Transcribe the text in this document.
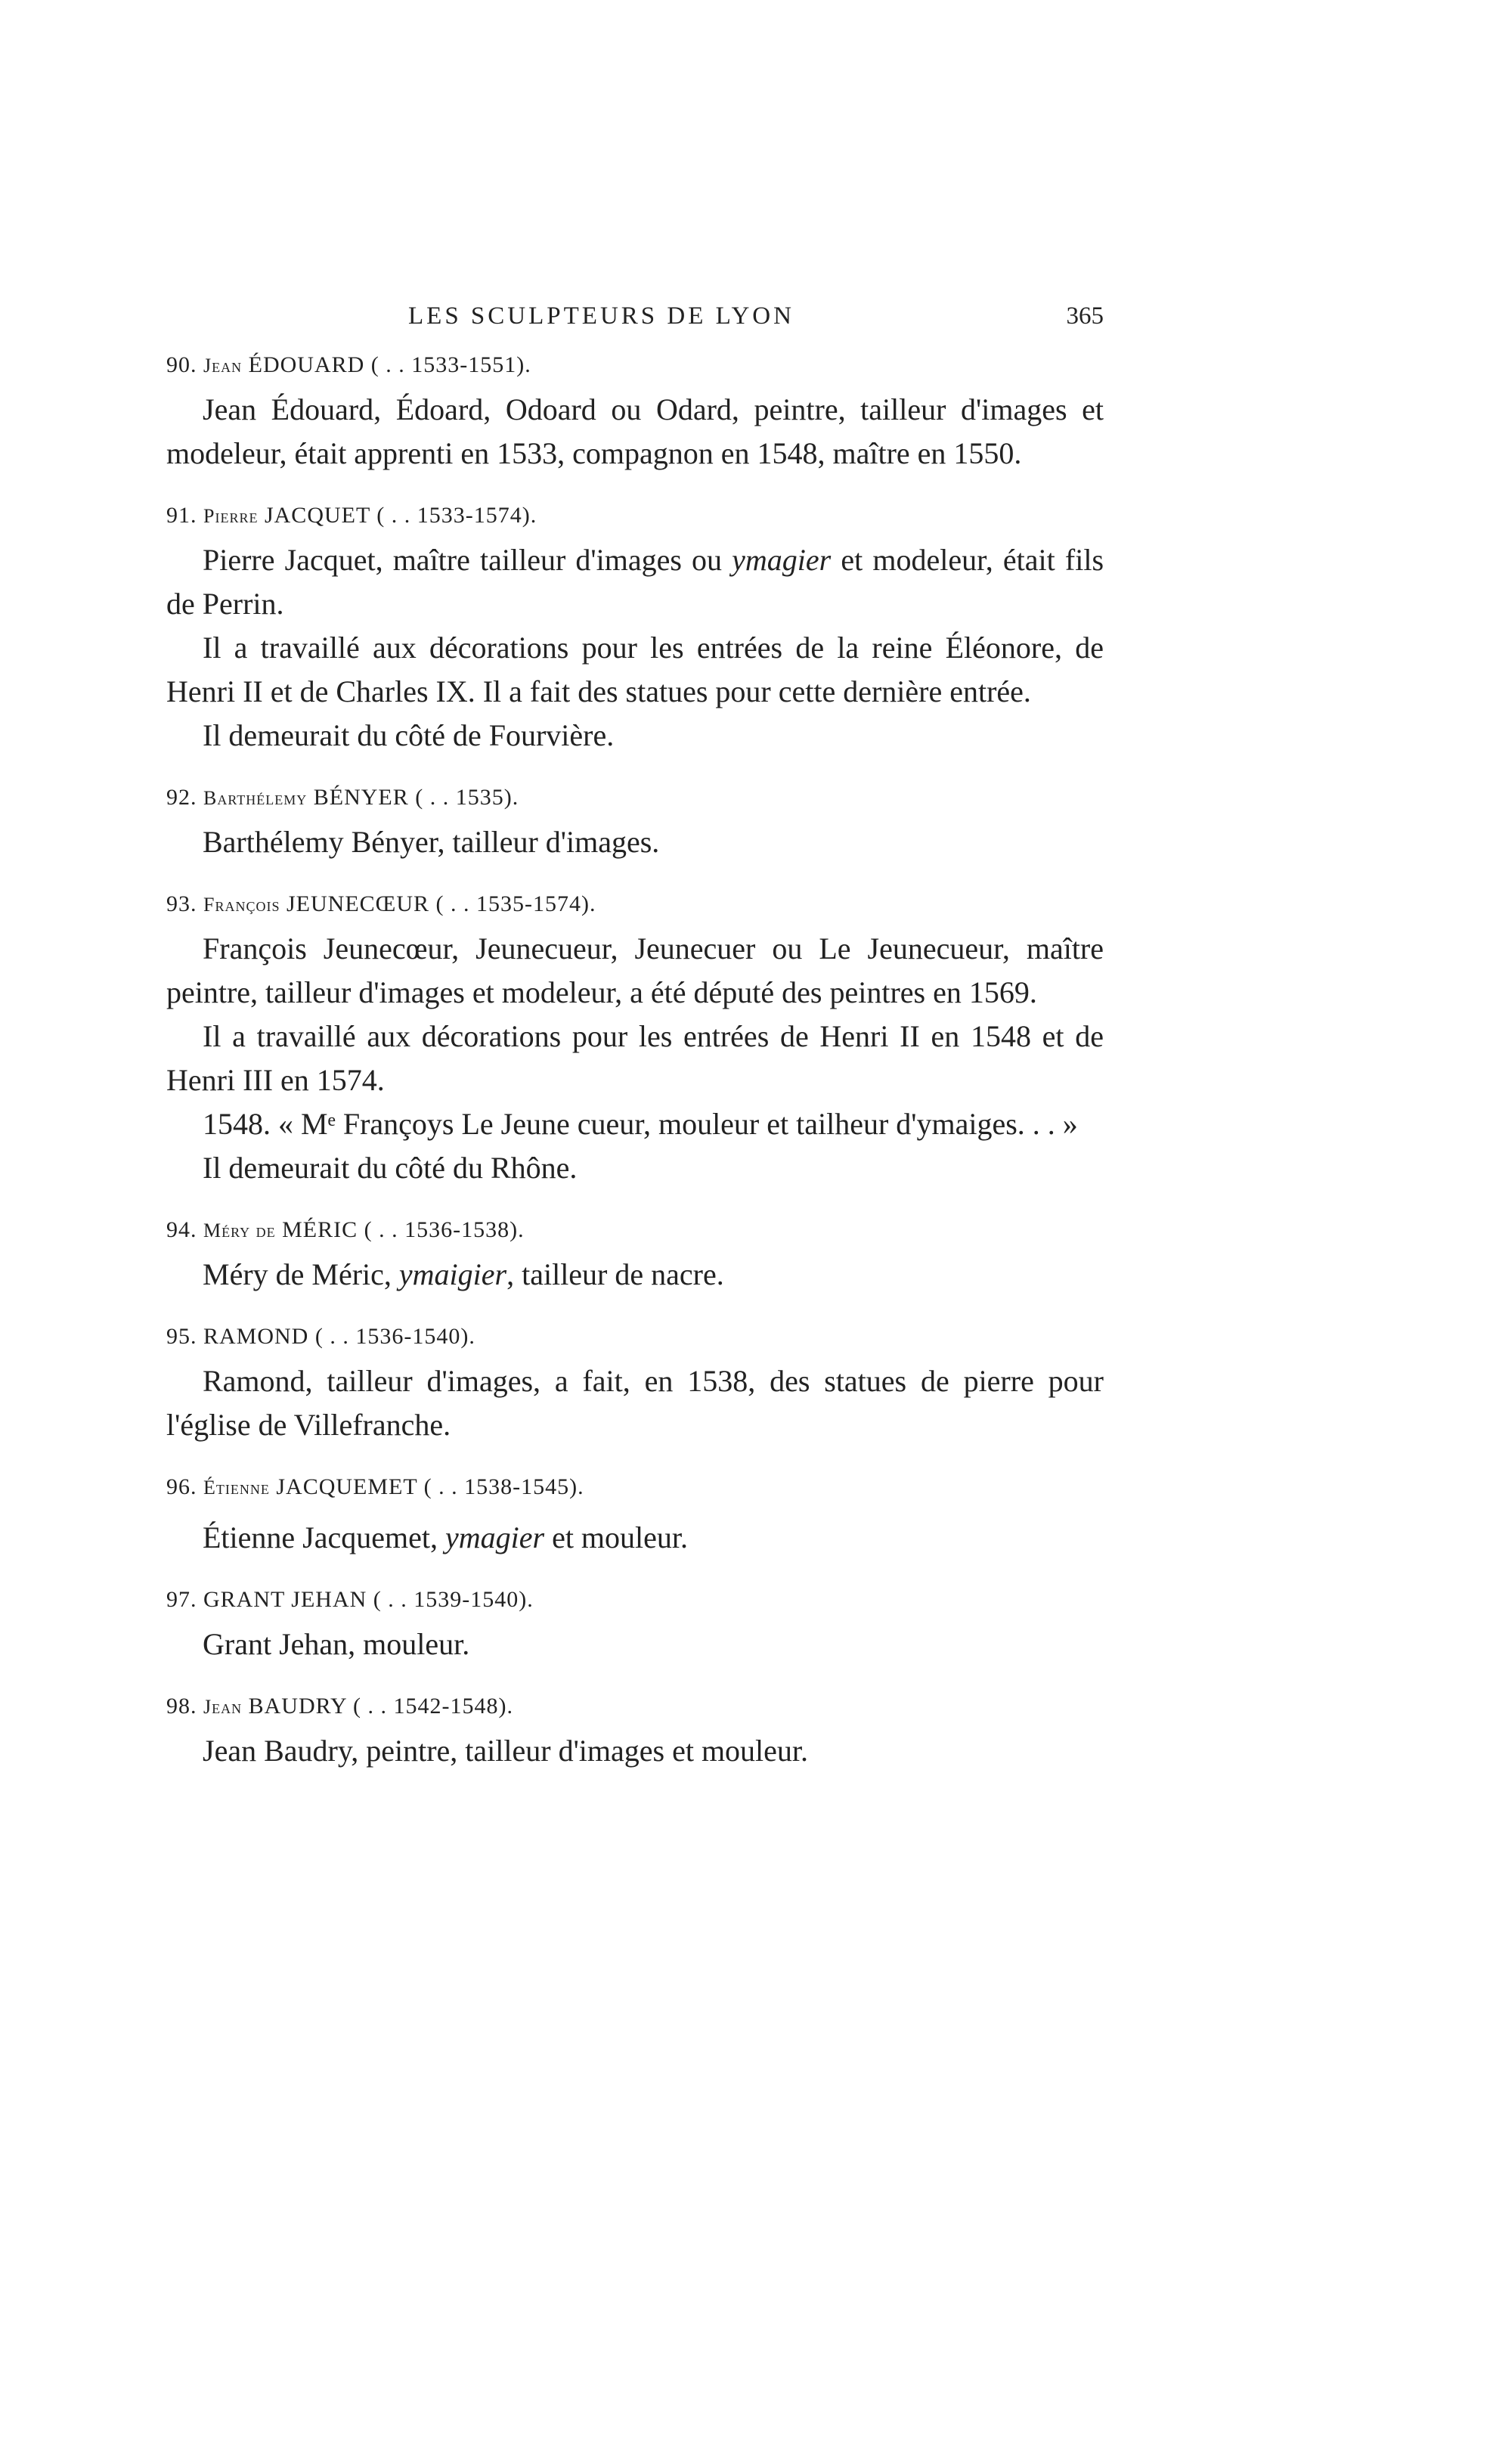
LES SCULPTEURS DE LYON	365
90. Jean ÉDOUARD ( . . 1533-1551).

Jean Édouard, Édoard, Odoard ou Odard, peintre, tailleur d'images et modeleur, était apprenti en 1533, compagnon en 1548, maître en 1550.

91. Pierre JACQUET ( . . 1533-1574).

Pierre Jacquet, maître tailleur d'images ou ymagier et modeleur, était fils de Perrin.

Il a travaillé aux décorations pour les entrées de la reine Éléonore, de Henri II et de Charles IX. Il a fait des statues pour cette dernière entrée.

Il demeurait du côté de Fourvière.

92. Barthélemy BÉNYER ( . . 1535).

Barthélemy Bényer, tailleur d'images.

93. François JEUNECŒUR ( . . 1535-1574).

François Jeunecœur, Jeunecueur, Jeunecuer ou Le Jeunecueur, maître peintre, tailleur d'images et modeleur, a été député des peintres en 1569.

Il a travaillé aux décorations pour les entrées de Henri II en 1548 et de Henri III en 1574.

1548. « Mᵉ Françoys Le Jeune cueur, mouleur et tailheur d'ymaiges. . . »

Il demeurait du côté du Rhône.

94. Méry de MÉRIC ( . . 1536-1538).

Méry de Méric, ymaigier, tailleur de nacre.

95. RAMOND ( . . 1536-1540).

Ramond, tailleur d'images, a fait, en 1538, des statues de pierre pour l'église de Villefranche.

96. Étienne JACQUEMET ( . . 1538-1545).

Étienne Jacquemet, ymagier et mouleur.

97. GRANT JEHAN ( . . 1539-1540).

Grant Jehan, mouleur.

98. Jean BAUDRY ( . . 1542-1548).

Jean Baudry, peintre, tailleur d'images et mouleur.
